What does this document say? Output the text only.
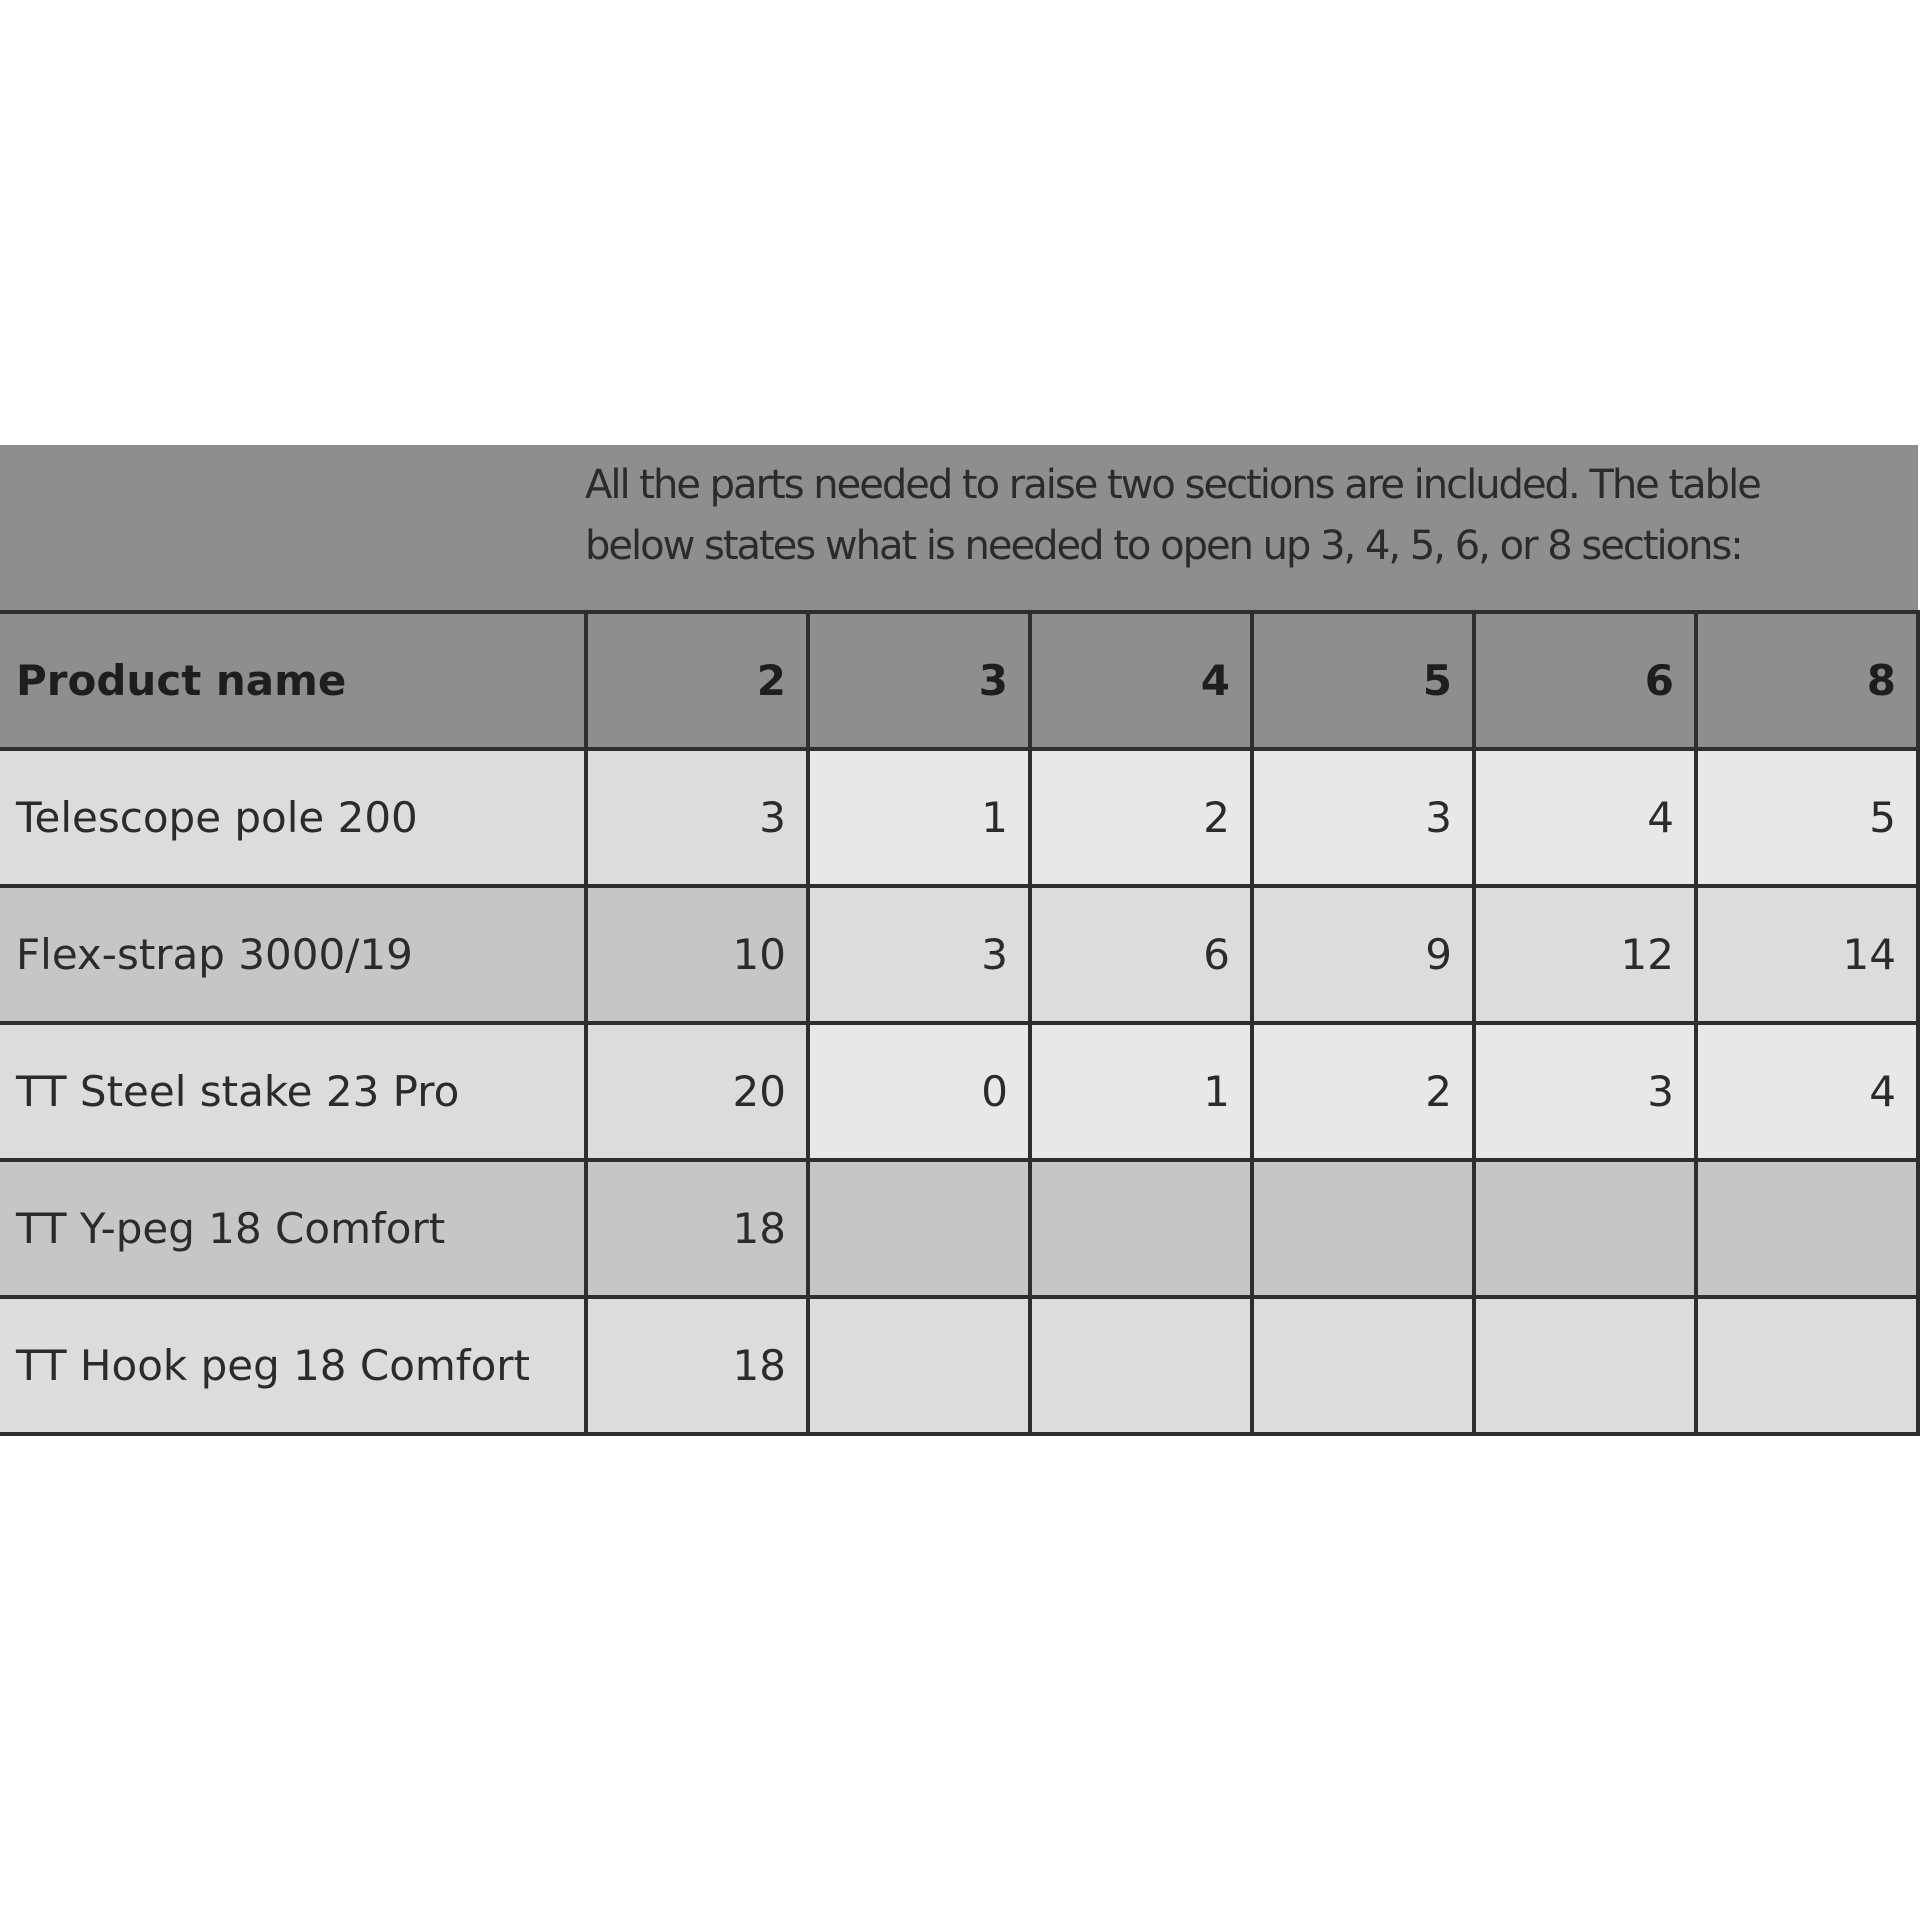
All the parts needed to raise two sections are included. The table
below states what is needed to open up 3, 4, 5, 6, or 8 sections:
Product name	2	3	4	5	6	8
Telescope pole 200	3	1	2	3	4	5
Flex-strap 3000/19	10	3	6	9	12	14
TT Steel stake 23 Pro	20	0	1	2	3	4
TT Y-peg 18 Comfort	18					
TT Hook peg 18 Comfort	18					
